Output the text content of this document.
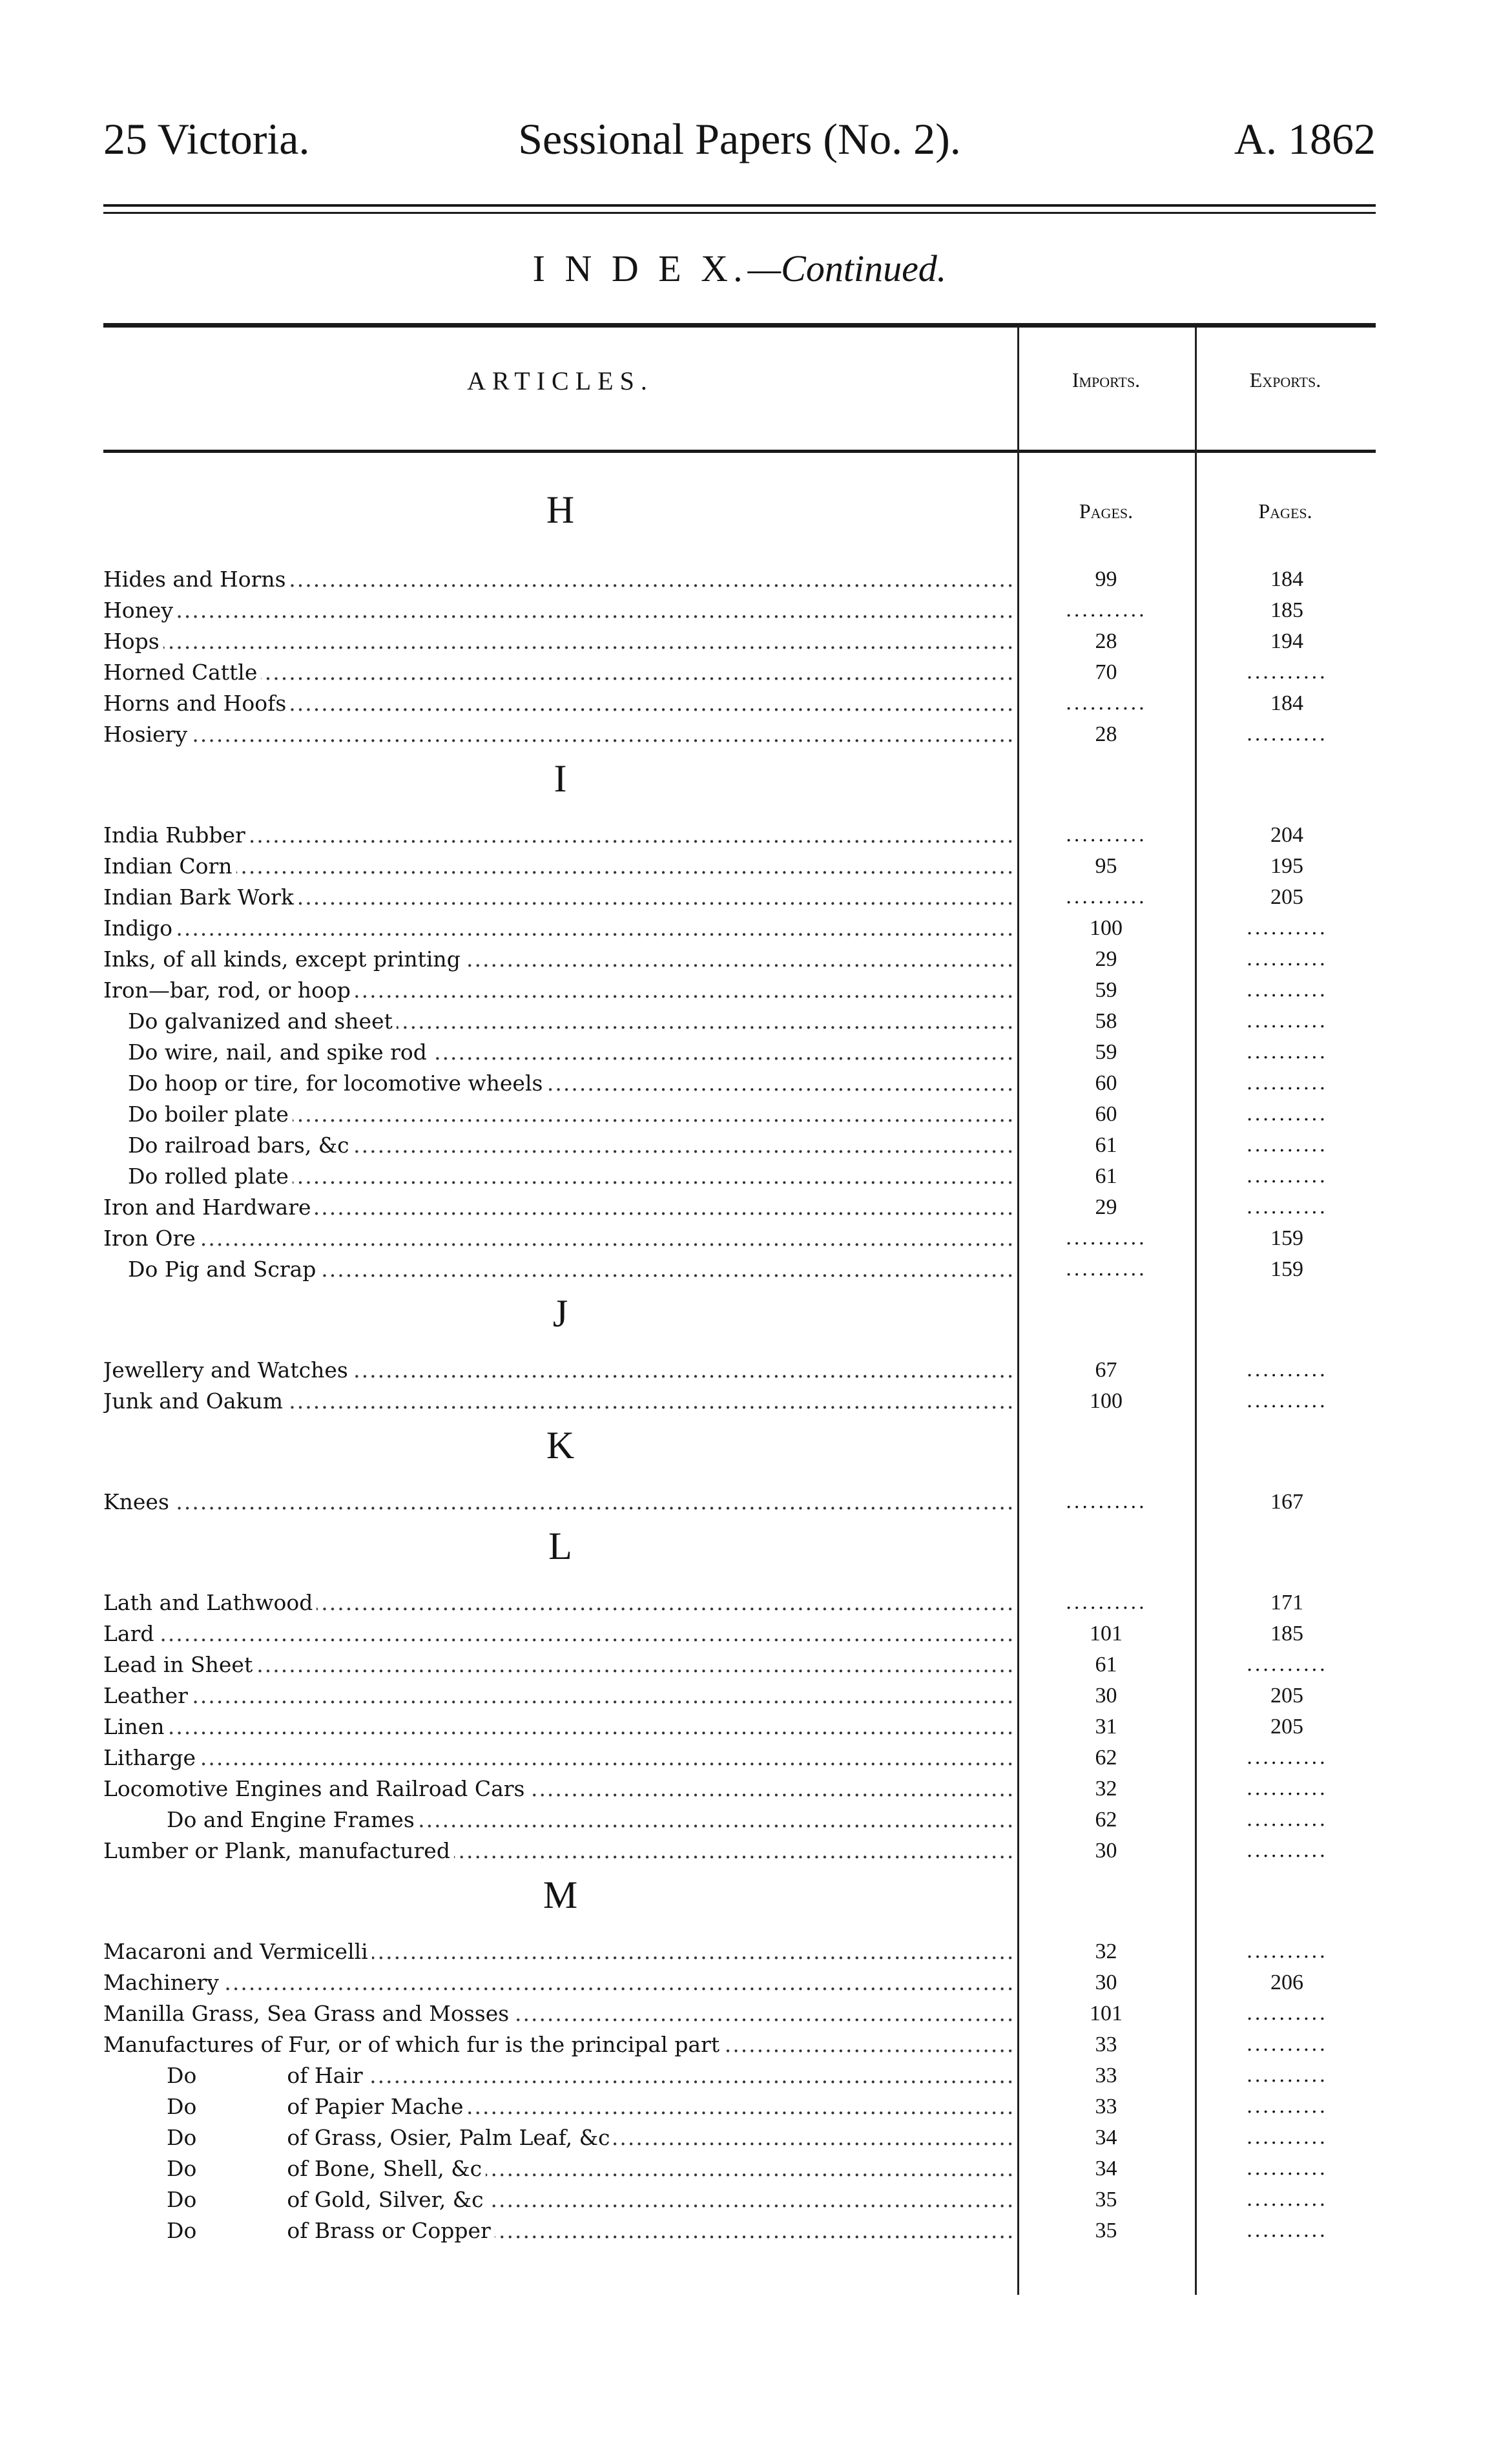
25 Victoria.	Sessional Papers (No. 2).	A. 1862
I N D E X.—Continued.
ARTICLES.	Imports.	Exports.
H	Pages.	Pages.
Hides and Horns .....	99	184
Honey .....	..........	185
Hops .....	28	194
Horned Cattle .....	70	..........
Horns and Hoofs .....	..........	184
Hosiery .....	28	..........
I
India Rubber .....	..........	204
Indian Corn .....	95	195
Indian Bark Work .....	..........	205
Indigo .....	100	..........
Inks, of all kinds, except printing .....	29	..........
Iron—bar, rod, or hoop .....	59	..........
Do galvanized and sheet .....	58	..........
Do wire, nail, and spike rod .....	59	..........
Do hoop or tire, for locomotive wheels .....	60	..........
Do boiler plate .....	60	..........
Do railroad bars, &c .....	61	..........
Do rolled plate .....	61	..........
Iron and Hardware .....	29	..........
Iron Ore .....	..........	159
Do Pig and Scrap .....	..........	159
J
Jewellery and Watches .....	67	..........
Junk and Oakum .....	100	..........
K
Knees .....	..........	167
L
Lath and Lathwood .....	..........	171
Lard .....	101	185
Lead in Sheet .....	61	..........
Leather .....	30	205
Linen .....	31	205
Litharge .....	62	..........
Locomotive Engines and Railroad Cars .....	32	..........
Do and Engine Frames .....	62	..........
Lumber or Plank, manufactured .....	30	..........
M
Macaroni and Vermicelli .....	32	..........
Machinery .....	30	206
Manilla Grass, Sea Grass and Mosses .....	101	..........
Manufactures of Fur, or of which fur is the principal part .....	33	..........
Do	of Hair .....	33	..........
Do	of Papier Mache .....	33	..........
Do	of Grass, Osier, Palm Leaf, &c .....	34	..........
Do	of Bone, Shell, &c .....	34	..........
Do	of Gold, Silver, &c .....	35	..........
Do	of Brass or Copper .....	35	..........
